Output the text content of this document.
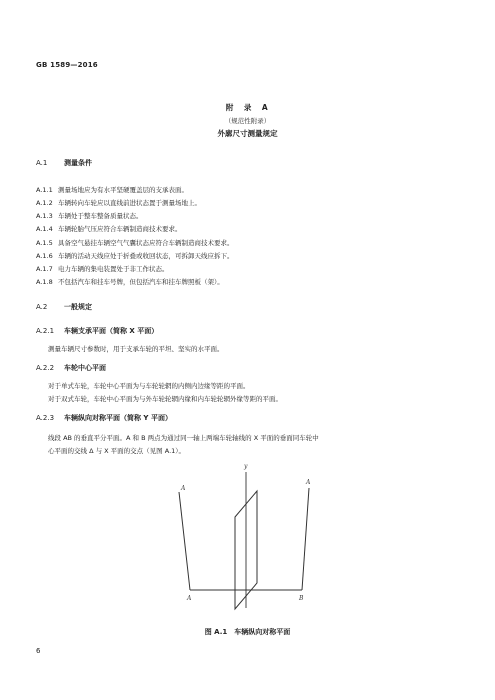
GB 1589—2016
附　录　A
（规范性附录）
外廓尺寸测量规定
A.1 测量条件
A.1.1 测量场地应为有水平坚硬覆盖层的支承表面。
A.1.2 车辆转向车轮应以直线前进状态置于测量场地上。
A.1.3 车辆处于整车整备质量状态。
A.1.4 车辆轮胎气压应符合车辆制造商技术要求。
A.1.5 具备空气悬挂车辆空气气囊状态应符合车辆制造商技术要求。
A.1.6 车辆的活动天线应处于折叠或收回状态，可拆卸天线应拆下。
A.1.7 电力车辆的集电装置处于非工作状态。
A.1.8 不包括汽车和挂车号牌，但包括汽车和挂车牌照板（架）。
A.2 一般规定
A.2.1 车辆支承平面（简称 X 平面）
测量车辆尺寸参数时，用于支承车轮的平坦、坚实的水平面。
A.2.2 车轮中心平面
对于单式车轮，车轮中心平面为与车轮轮辋的内侧内边缘等距的平面。
对于双式车轮，车轮中心平面为与外车轮轮辋内缘和内车轮轮辋外缘等距的平面。
A.2.3 车辆纵向对称平面（简称 Y 平面）
线段 AB 的垂直平分平面。A 和 B 两点为通过同一轴上两端车轮轴线的 X 平面的垂面同车轮中
心平面的交线 Δ 与 X 平面的交点（见图 A.1）。
y
A
A
A	B
图 A.1　车辆纵向对称平面
6
